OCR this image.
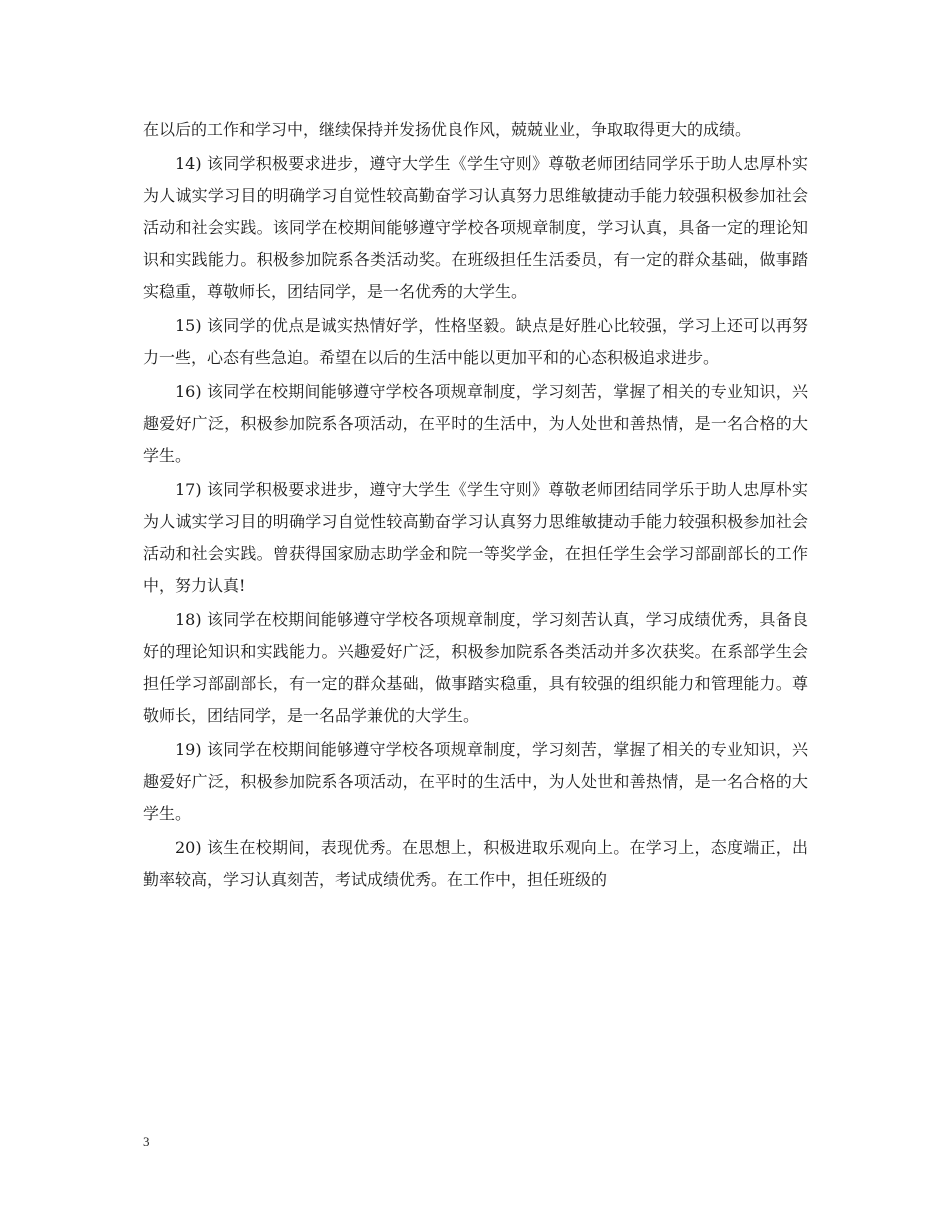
在以后的工作和学习中，继续保持并发扬优良作风，兢兢业业，争取取得更大的成绩。

14) 该同学积极要求进步，遵守大学生《学生守则》尊敬老师团结同学乐于助人忠厚朴实为人诚实学习目的明确学习自觉性较高勤奋学习认真努力思维敏捷动手能力较强积极参加社会活动和社会实践。该同学在校期间能够遵守学校各项规章制度，学习认真，具备一定的理论知识和实践能力。积极参加院系各类活动奖。在班级担任生活委员，有一定的群众基础，做事踏实稳重，尊敬师长，团结同学，是一名优秀的大学生。

15) 该同学的优点是诚实热情好学，性格坚毅。缺点是好胜心比较强，学习上还可以再努力一些，心态有些急迫。希望在以后的生活中能以更加平和的心态积极追求进步。

16) 该同学在校期间能够遵守学校各项规章制度，学习刻苦，掌握了相关的专业知识，兴趣爱好广泛，积极参加院系各项活动，在平时的生活中，为人处世和善热情，是一名合格的大学生。

17) 该同学积极要求进步，遵守大学生《学生守则》尊敬老师团结同学乐于助人忠厚朴实为人诚实学习目的明确学习自觉性较高勤奋学习认真努力思维敏捷动手能力较强积极参加社会活动和社会实践。曾获得国家励志助学金和院一等奖学金，在担任学生会学习部副部长的工作中，努力认真!

18) 该同学在校期间能够遵守学校各项规章制度，学习刻苦认真，学习成绩优秀，具备良好的理论知识和实践能力。兴趣爱好广泛，积极参加院系各类活动并多次获奖。在系部学生会担任学习部副部长，有一定的群众基础，做事踏实稳重，具有较强的组织能力和管理能力。尊敬师长，团结同学，是一名品学兼优的大学生。

19) 该同学在校期间能够遵守学校各项规章制度，学习刻苦，掌握了相关的专业知识，兴趣爱好广泛，积极参加院系各项活动，在平时的生活中，为人处世和善热情，是一名合格的大学生。

20) 该生在校期间，表现优秀。在思想上，积极进取乐观向上。在学习上，态度端正，出勤率较高，学习认真刻苦，考试成绩优秀。在工作中，担任班级的

3
